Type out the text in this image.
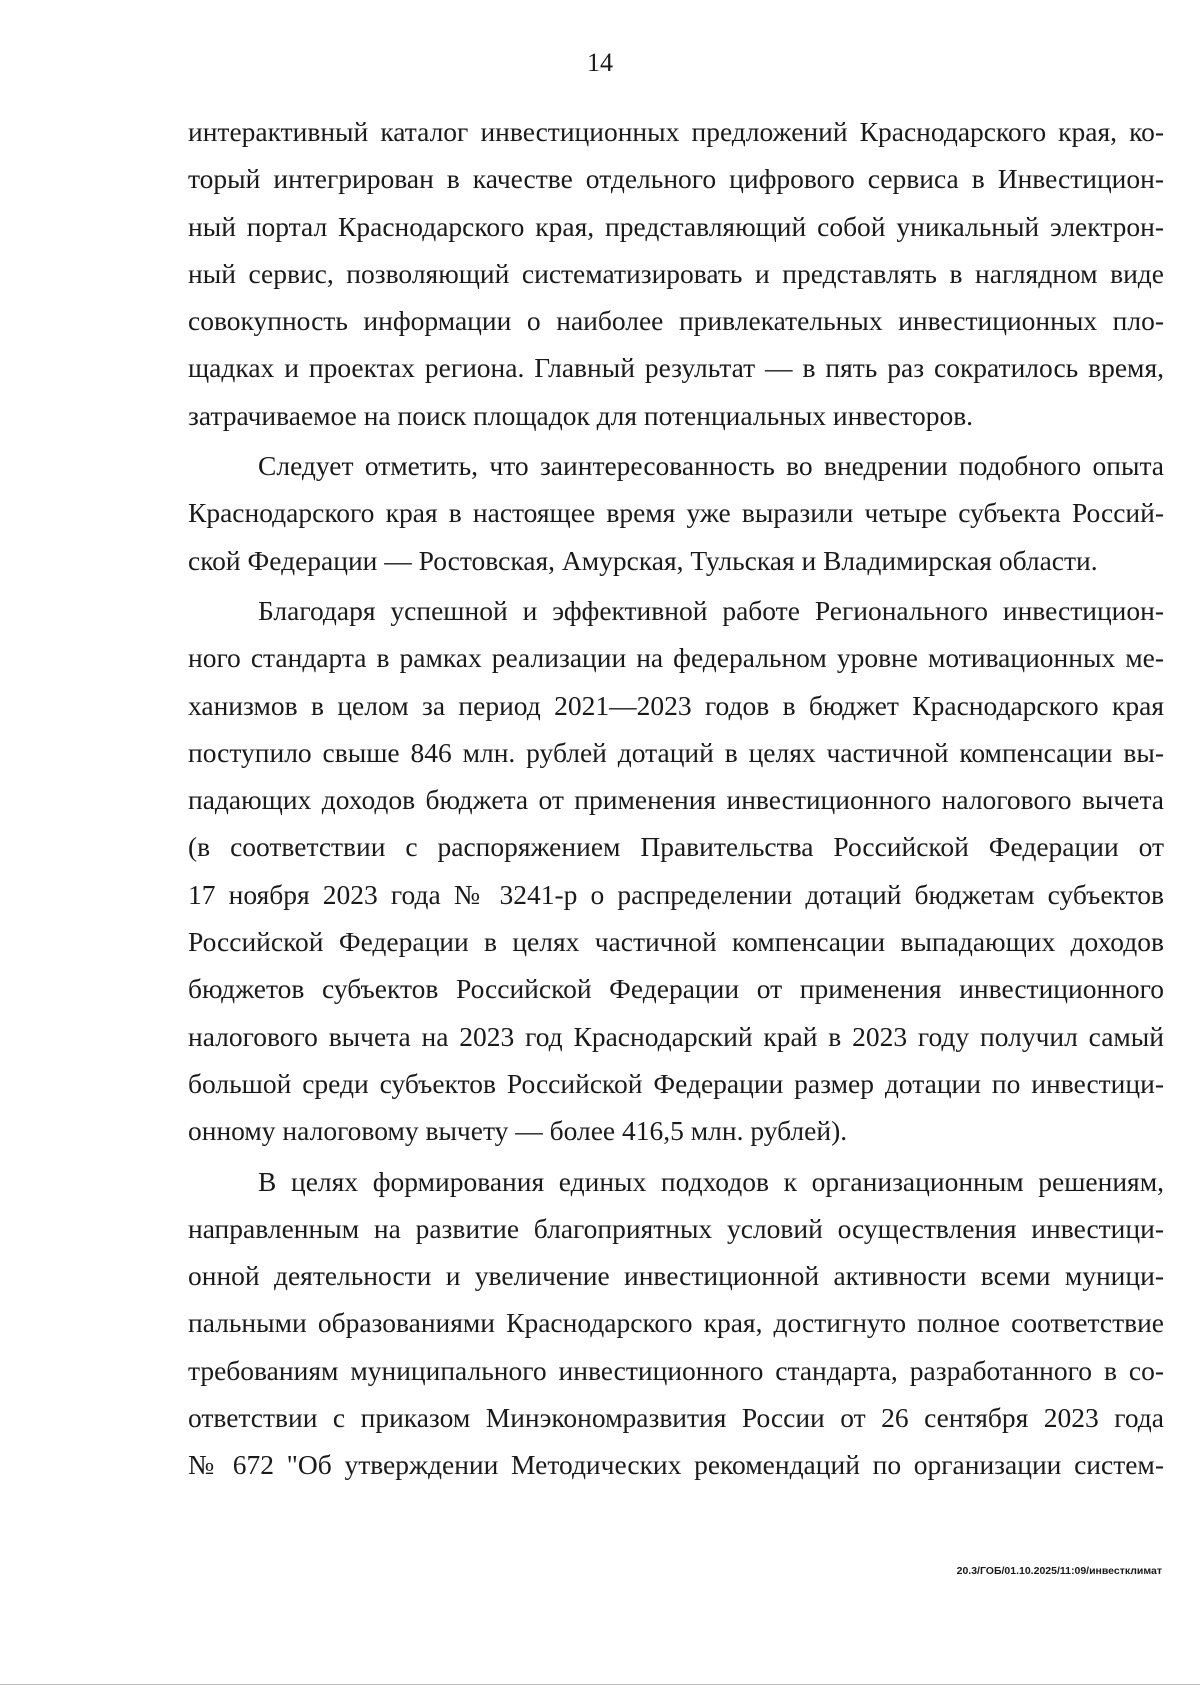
14
интерактивный каталог инвестиционных предложений Краснодарского края, ко-
торый интегрирован в качестве отдельного цифрового сервиса в Инвестицион-
ный портал Краснодарского края, представляющий собой уникальный электрон-
ный сервис, позволяющий систематизировать и представлять в наглядном виде
совокупность информации о наиболее привлекательных инвестиционных пло-
щадках и проектах региона. Главный результат — в пять раз сократилось время,
затрачиваемое на поиск площадок для потенциальных инвесторов.
Следует отметить, что заинтересованность во внедрении подобного опыта
Краснодарского края в настоящее время уже выразили четыре субъекта Россий-
ской Федерации — Ростовская, Амурская, Тульская и Владимирская области.
Благодаря успешной и эффективной работе Регионального инвестицион-
ного стандарта в рамках реализации на федеральном уровне мотивационных ме-
ханизмов в целом за период 2021—2023 годов в бюджет Краснодарского края
поступило свыше 846 млн. рублей дотаций в целях частичной компенсации вы-
падающих доходов бюджета от применения инвестиционного налогового вычета
(в соответствии с распоряжением Правительства Российской Федерации от
17 ноября 2023 года № 3241-р о распределении дотаций бюджетам субъектов
Российской Федерации в целях частичной компенсации выпадающих доходов
бюджетов субъектов Российской Федерации от применения инвестиционного
налогового вычета на 2023 год Краснодарский край в 2023 году получил самый
большой среди субъектов Российской Федерации размер дотации по инвестици-
онному налоговому вычету — более 416,5 млн. рублей).
В целях формирования единых подходов к организационным решениям,
направленным на развитие благоприятных условий осуществления инвестици-
онной деятельности и увеличение инвестиционной активности всеми муници-
пальными образованиями Краснодарского края, достигнуто полное соответствие
требованиям муниципального инвестиционного стандарта, разработанного в со-
ответствии с приказом Минэкономразвития России от 26 сентября 2023 года
№ 672 "Об утверждении Методических рекомендаций по организации систем-
20.3/ГОБ/01.10.2025/11:09/инвестклимат
